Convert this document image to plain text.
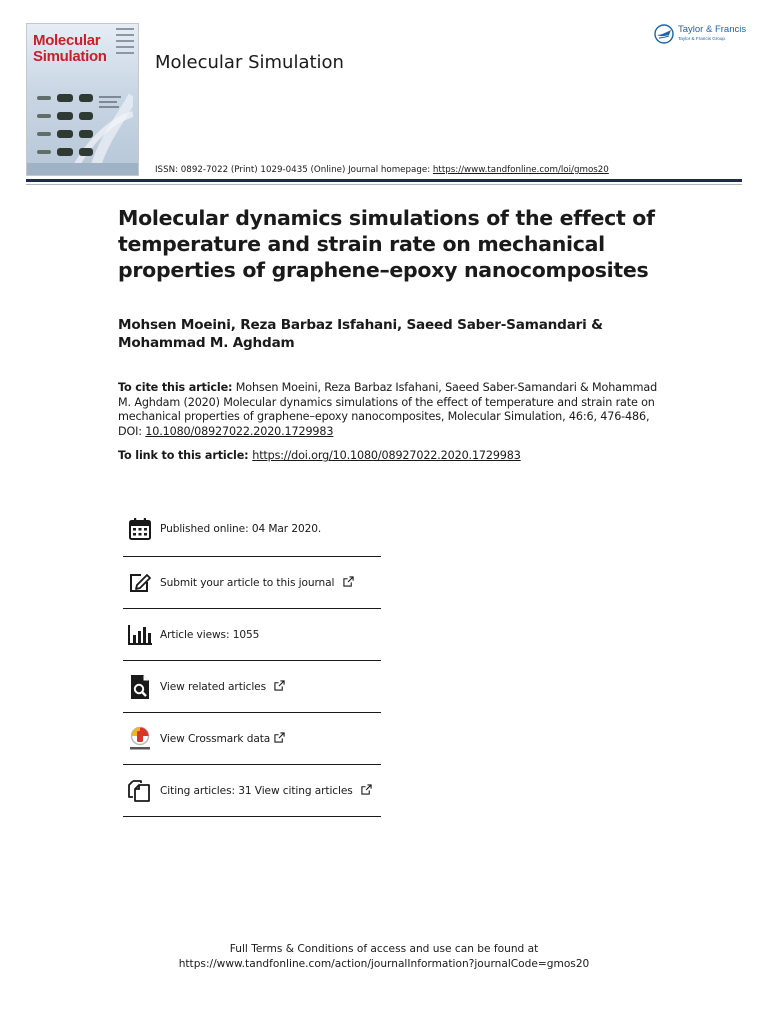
Molecular
Simulation	Molecular Simulation
Taylor & Francis
Taylor & Francis Group
ISSN: 0892-7022 (Print) 1029-0435 (Online) Journal homepage: https://www.tandfonline.com/loi/gmos20
Molecular dynamics simulations of the effect of temperature and strain rate on mechanical properties of graphene–epoxy nanocomposites

Mohsen Moeini, Reza Barbaz Isfahani, Saeed Saber-Samandari & Mohammad M. Aghdam

To cite this article: Mohsen Moeini, Reza Barbaz Isfahani, Saeed Saber-Samandari & Mohammad M. Aghdam (2020) Molecular dynamics simulations of the effect of temperature and strain rate on mechanical properties of graphene–epoxy nanocomposites, Molecular Simulation, 46:6, 476-486, DOI: 10.1080/08927022.2020.1729983
To link to this article: https://doi.org/10.1080/08927022.2020.1729983
Published online: 04 Mar 2020.
Submit your article to this journal
Article views: 1055
View related articles
View Crossmark data
Citing articles: 31 View citing articles
Full Terms & Conditions of access and use can be found at
https://www.tandfonline.com/action/journalInformation?journalCode=gmos20
